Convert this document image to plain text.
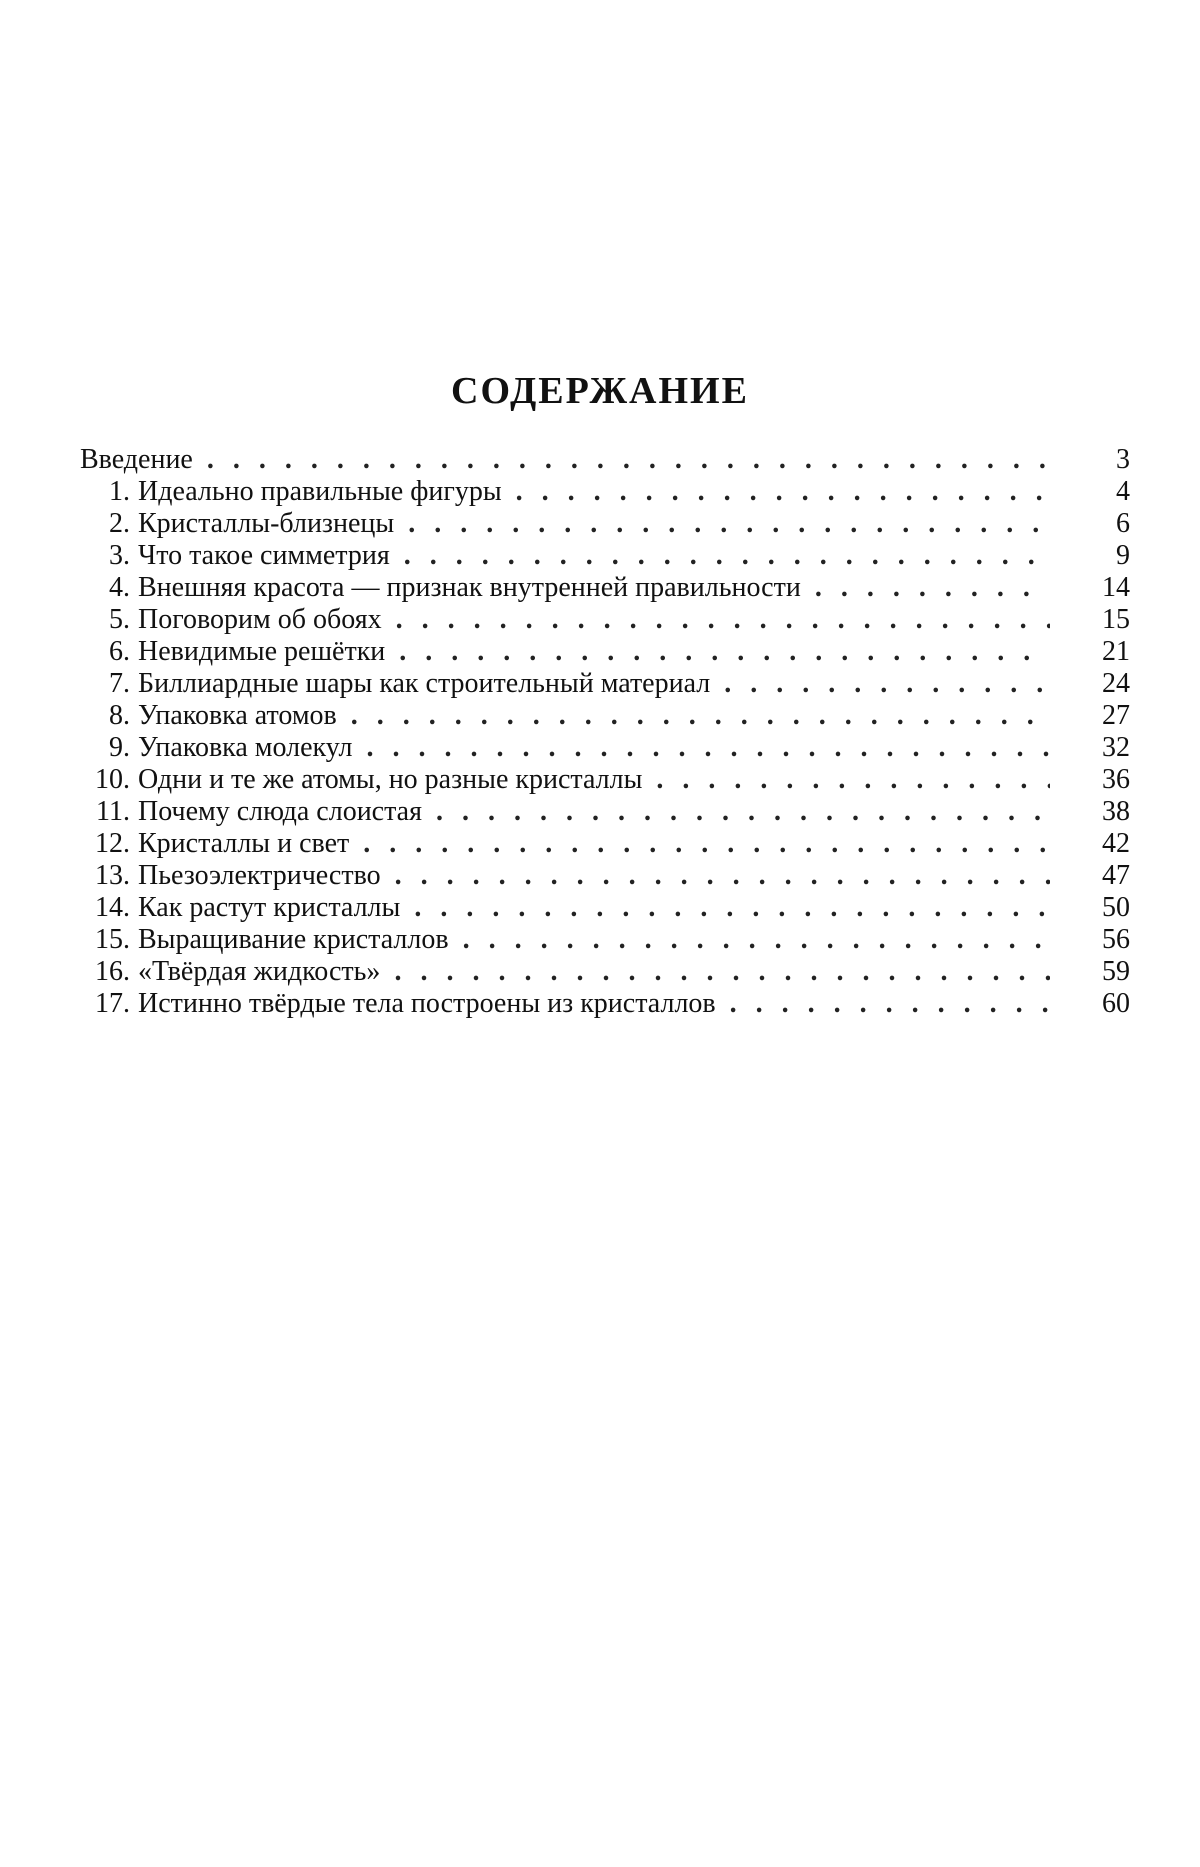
СОДЕРЖАНИЕ
Введение . . .	3
1. Идеально правильные фигуры . . .	4
2. Кристаллы-близнецы . . .	6
3. Что такое симметрия . . .	9
4. Внешняя красота — признак внутренней правильности . . .	14
5. Поговорим об обоях . . .	15
6. Невидимые решётки . . .	21
7. Биллиардные шары как строительный материал . . .	24
8. Упаковка атомов . . .	27
9. Упаковка молекул . . .	32
10. Одни и те же атомы, но разные кристаллы . . .	36
11. Почему слюда слоистая . . .	38
12. Кристаллы и свет . . .	42
13. Пьезоэлектричество . . .	47
14. Как растут кристаллы . . .	50
15. Выращивание кристаллов . . .	56
16. «Твёрдая жидкость» . . .	59
17. Истинно твёрдые тела построены из кристаллов . . .	60
